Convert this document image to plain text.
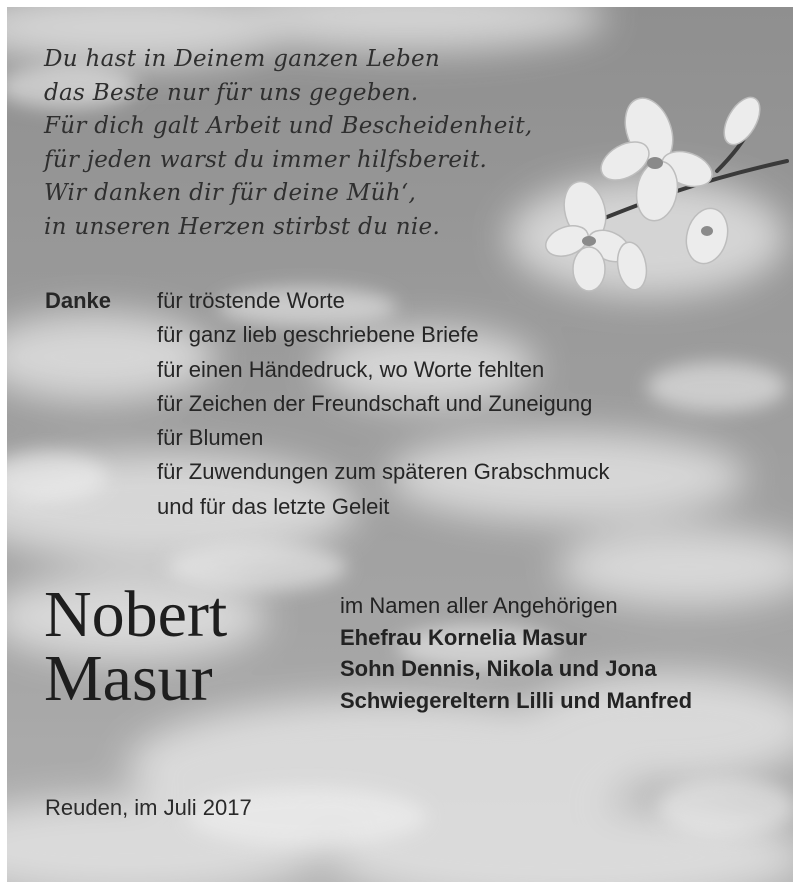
Du hast in Deinem ganzen Leben
das Beste nur für uns gegeben.
Für dich galt Arbeit und Bescheidenheit,
für jeden warst du immer hilfsbereit.
Wir danken dir für deine Müh‘,
in unseren Herzen stirbst du nie.
Danke für tröstende Worte
für ganz lieb geschriebene Briefe
für einen Händedruck, wo Worte fehlten
für Zeichen der Freundschaft und Zuneigung
für Blumen
für Zuwendungen zum späteren Grabschmuck
und für das letzte Geleit
Nobert
Masur
im Namen aller Angehörigen
Ehefrau Kornelia Masur
Sohn Dennis, Nikola und Jona
Schwiegereltern Lilli und Manfred
Reuden, im Juli 2017
